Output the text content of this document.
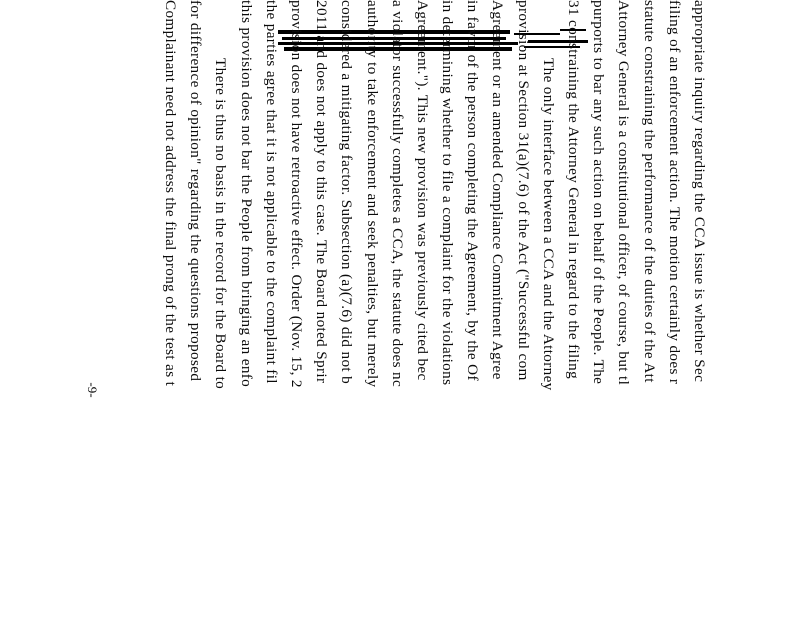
appropriate inquiry regarding the CCA issue is whether Sec
filing of an enforcement action. The motion certainly does r
statute constraining the performance of the duties of the Att
Attorney General is a constitutional officer, of course, but tl
purports to bar any such action on behalf of the People. The
31 constraining the Attorney General in regard to the filing
The only interface between a CCA and the Attorney
provision at Section 31(a)(7.6) of the Act ("Successful com
Agreement or an amended Compliance Commitment Agree
in favor of the person completing the Agreement, by the Of
in determining whether to file a complaint for the violations
Agreement."). This new provision was previously cited bec
a violator successfully completes a CCA, the statute does nc
authority to take enforcement and seek penalties, but merely
considered a mitigating factor. Subsection (a)(7.6) did not b
2011 and does not apply to this case. The Board noted Sprir
provision does not have retroactive effect. Order (Nov. 15, 2
the parties agree that it is not applicable to the complaint fil
this provision does not bar the People from bringing an enfo
There is thus no basis in the record for the Board to
for difference of opinion" regarding the questions proposed
Complainant need not address the final prong of the test as t
-9-
